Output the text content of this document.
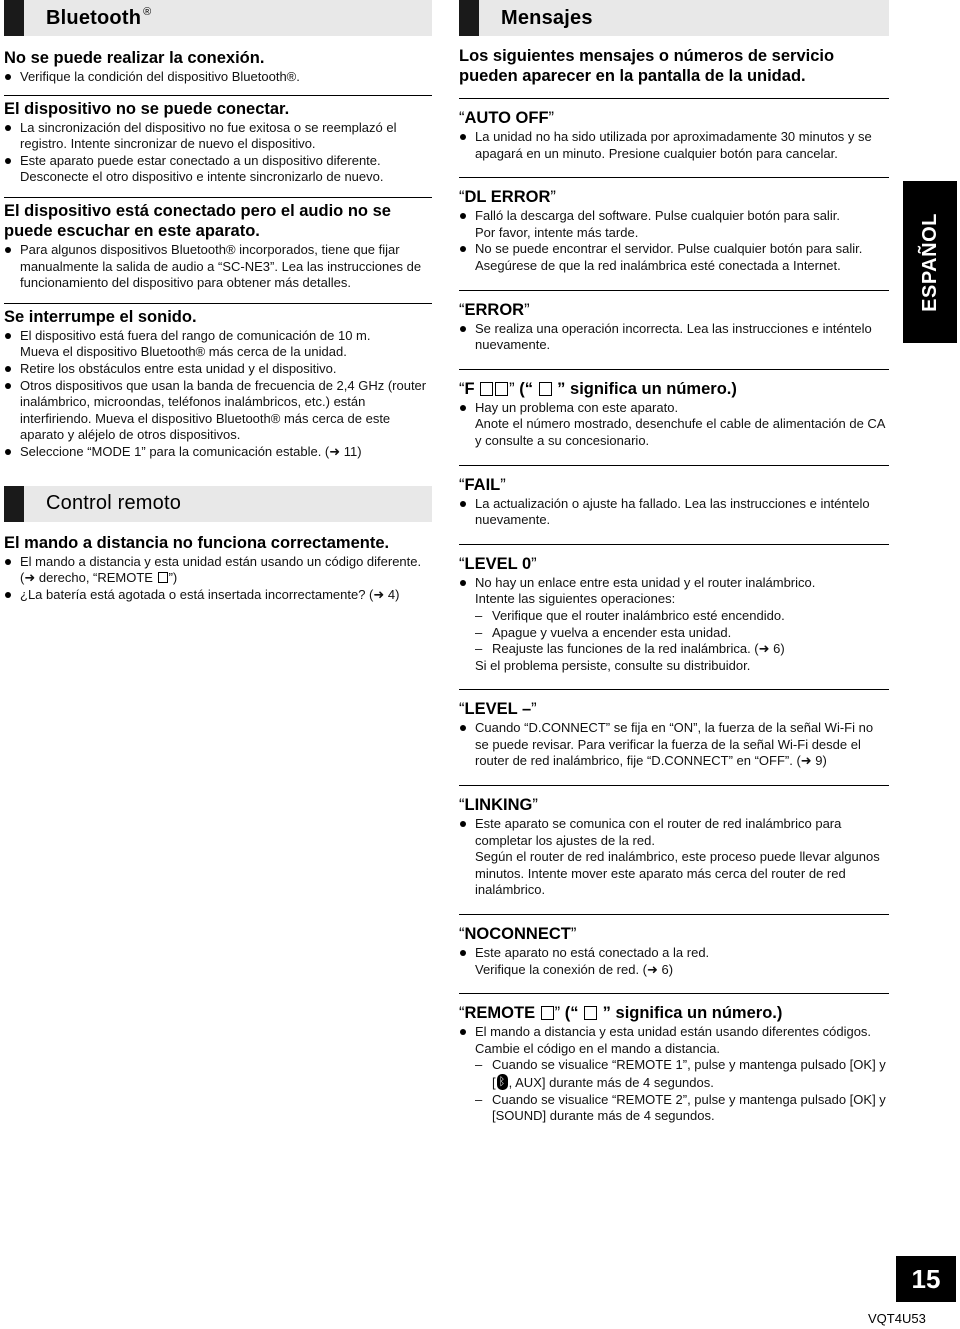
Bluetooth ®
No se puede realizar la conexión.
Verifique la condición del dispositivo Bluetooth®.
El dispositivo no se puede conectar.
La sincronización del dispositivo no fue exitosa o se reemplazó el registro. Intente sincronizar de nuevo el dispositivo.
Este aparato puede estar conectado a un dispositivo diferente.
Desconecte el otro dispositivo e intente sincronizarlo de nuevo.
El dispositivo está conectado pero el audio no se puede escuchar en este aparato.
Para algunos dispositivos Bluetooth® incorporados, tiene que fijar manualmente la salida de audio a “SC-NE3”. Lea las instrucciones de funcionamiento del dispositivo para obtener más detalles.
Se interrumpe el sonido.
El dispositivo está fuera del rango de comunicación de 10 m.
Mueva el dispositivo Bluetooth® más cerca de la unidad.
Retire los obstáculos entre esta unidad y el dispositivo.
Otros dispositivos que usan la banda de frecuencia de 2,4 GHz (router inalámbrico, microondas, teléfonos inalámbricos, etc.) están interfiriendo. Mueva el dispositivo Bluetooth® más cerca de este aparato y aléjelo de otros dispositivos.
Seleccione “MODE 1” para la comunicación estable. (➜ 11)
Control remoto
El mando a distancia no funciona correctamente.
El mando a distancia y esta unidad están usando un código diferente. (➜ derecho, “REMOTE ”)
¿La batería está agotada o está insertada incorrectamente? (➜ 4)
Mensajes
Los siguientes mensajes o números de servicio pueden aparecer en la pantalla de la unidad.
“AUTO OFF”
La unidad no ha sido utilizada por aproximadamente 30 minutos y se apagará en un minuto. Presione cualquier botón para cancelar.
“DL ERROR”
Falló la descarga del software. Pulse cualquier botón para salir.
Por favor, intente más tarde.
No se puede encontrar el servidor. Pulse cualquier botón para salir. Asegúrese de que la red inalámbrica esté conectada a Internet.
“ERROR”
Se realiza una operación incorrecta. Lea las instrucciones e inténtelo nuevamente.
“F ” (“  ” significa un número.)
Hay un problema con este aparato.
Anote el número mostrado, desenchufe el cable de alimentación de CA y consulte a su concesionario.
“FAIL”
La actualización o ajuste ha fallado. Lea las instrucciones e inténtelo nuevamente.
“LEVEL 0”
No hay un enlace entre esta unidad y el router inalámbrico.
Intente las siguientes operaciones:
– Verifique que el router inalámbrico esté encendido.
– Apague y vuelva a encender esta unidad.
– Reajuste las funciones de la red inalámbrica. (➜ 6)
Si el problema persiste, consulte su distribuidor.
“LEVEL –”
Cuando “D.CONNECT” se fija en “ON”, la fuerza de la señal Wi-Fi no se puede revisar. Para verificar la fuerza de la señal Wi-Fi desde el router de red inalámbrico, fije “D.CONNECT” en “OFF”. (➜ 9)
“LINKING”
Este aparato se comunica con el router de red inalámbrico para completar los ajustes de la red.
Según el router de red inalámbrico, este proceso puede llevar algunos minutos. Intente mover este aparato más cerca del router de red inalámbrico.
“NOCONNECT”
Este aparato no está conectado a la red.
Verifique la conexión de red. (➜ 6)
“REMOTE ” (“  ” significa un número.)
El mando a distancia y esta unidad están usando diferentes códigos. Cambie el código en el mando a distancia.
– Cuando se visualice “REMOTE 1”, pulse y mantenga pulsado [OK] y [ᛒ , AUX] durante más de 4 segundos.
– Cuando se visualice “REMOTE 2”, pulse y mantenga pulsado [OK] y [SOUND] durante más de 4 segundos.
ESPAÑOL
15
VQT4U53
